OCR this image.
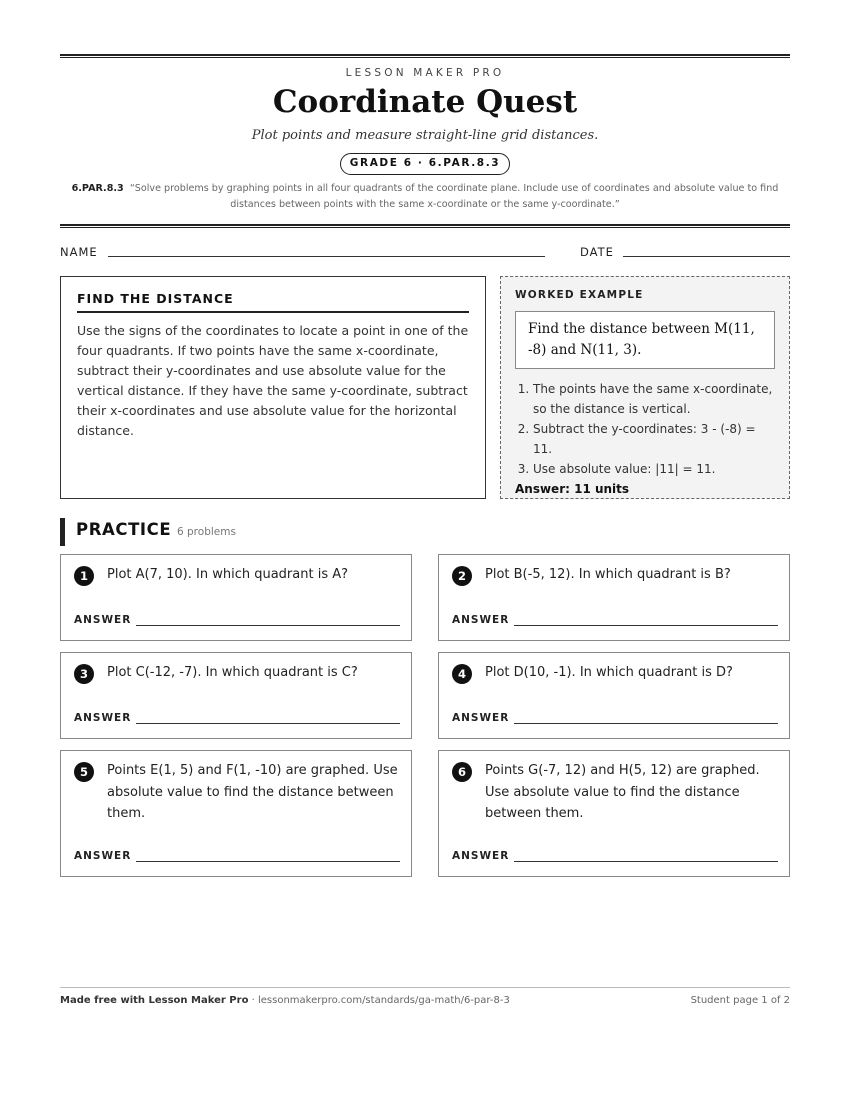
LESSON MAKER PRO
Coordinate Quest
Plot points and measure straight-line grid distances.
GRADE 6 · 6.PAR.8.3
6.PAR.8.3 “Solve problems by graphing points in all four quadrants of the coordinate plane. Include use of coordinates and absolute value to find distances between points with the same x-coordinate or the same y-coordinate.”
NAME	DATE
FIND THE DISTANCE
Use the signs of the coordinates to locate a point in one of the four quadrants. If two points have the same x-coordinate, subtract their y-coordinates and use absolute value for the vertical distance. If they have the same y-coordinate, subtract their x-coordinates and use absolute value for the horizontal distance.
WORKED EXAMPLE
Find the distance between M(11, -8) and N(11, 3).
1. The points have the same x-coordinate, so the distance is vertical.
2. Subtract the y-coordinates: 3 - (-8) = 11.
3. Use absolute value: |11| = 11.
Answer: 11 units
PRACTICE 6 problems
1	Plot A(7, 10). In which quadrant is A?
ANSWER
2	Plot B(-5, 12). In which quadrant is B?
ANSWER
3	Plot C(-12, -7). In which quadrant is C?
ANSWER
4	Plot D(10, -1). In which quadrant is D?
ANSWER
5	Points E(1, 5) and F(1, -10) are graphed. Use absolute value to find the distance between them.
ANSWER
6	Points G(-7, 12) and H(5, 12) are graphed. Use absolute value to find the distance between them.
ANSWER
Made free with Lesson Maker Pro · lessonmakerpro.com/standards/ga-math/6-par-8-3	Student page 1 of 2
